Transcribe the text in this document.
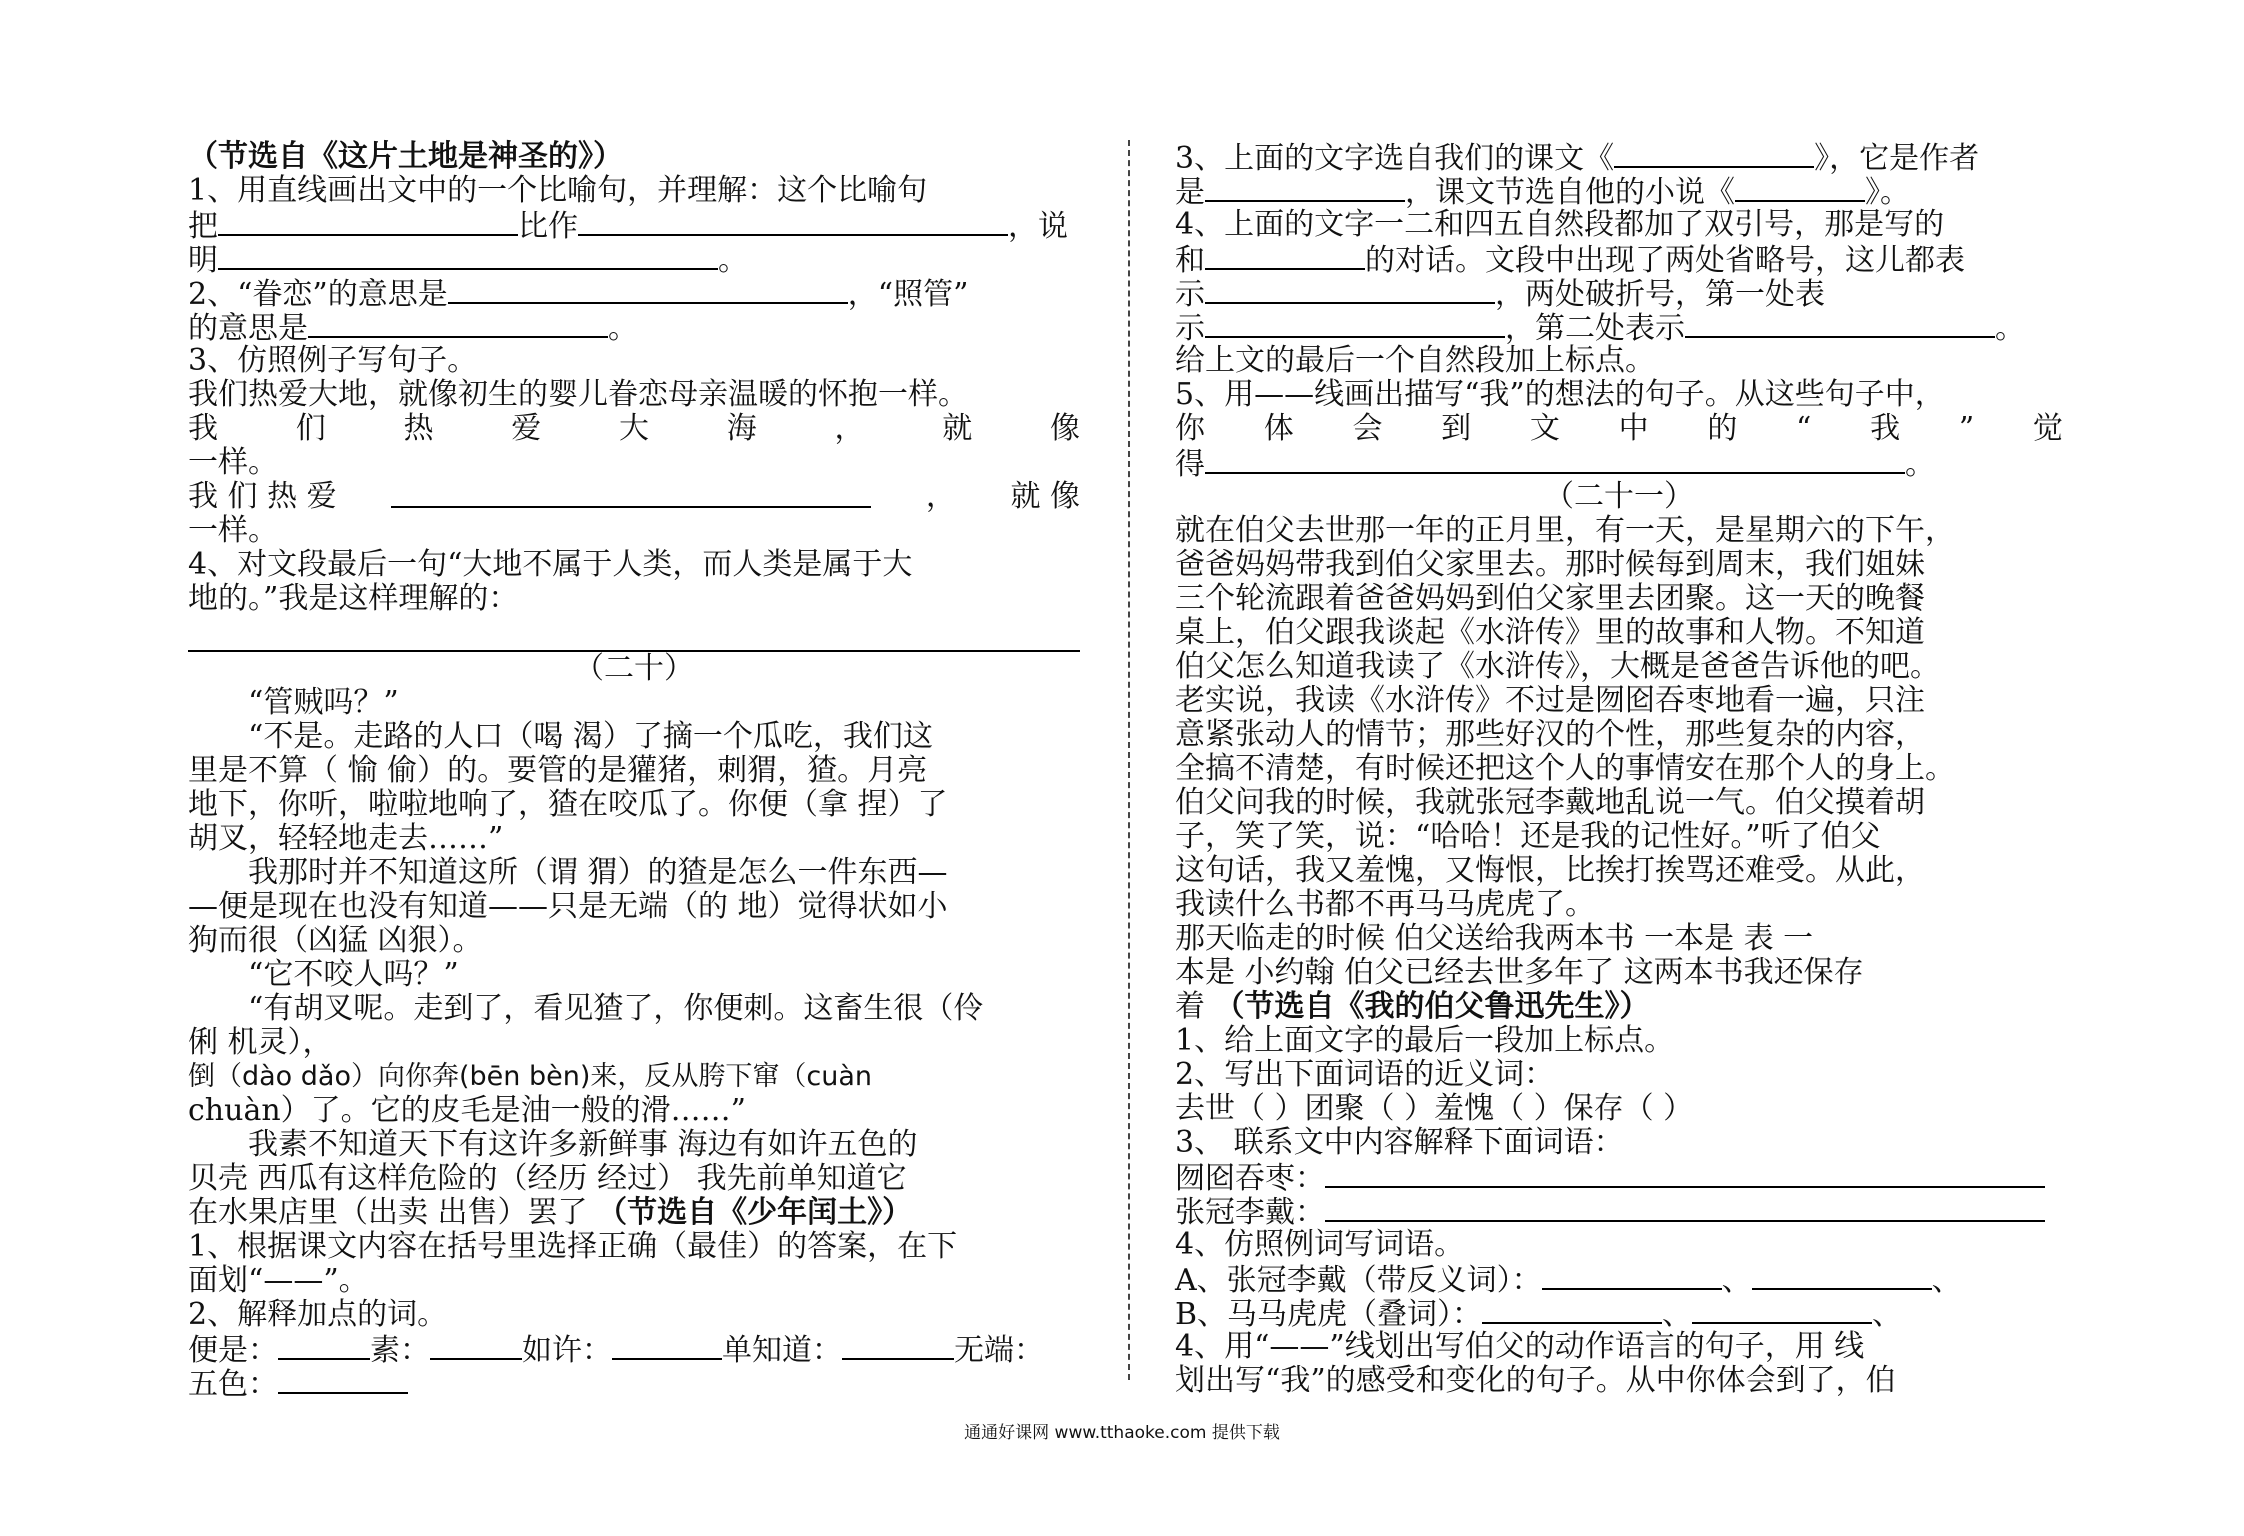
（节选自《这片土地是神圣的》）
1、用直线画出文中的一个比喻句，并理解：这个比喻句
把	比作	，说
明	。
2、“眷恋”的意思是	，“照管”
的意思是	。
3、仿照例子写句子。
我们热爱大地，就像初生的婴儿眷恋母亲温暖的怀抱一样。
我	们	热	爱	大	海	，	就	像
一样。
我 们 热 爱	， 就 像
一样。
4、对文段最后一句“大地不属于人类，而人类是属于大
地的。”我是这样理解的：
（二十）
“管贼吗？”
“不是。走路的人口（喝 渴）了摘一个瓜吃，我们这
里是不算（ 愉 偷）的。要管的是獾猪，刺猬，猹。月亮
地下，你听，啦啦地响了，猹在咬瓜了。你便（拿 捏）了
胡叉，轻轻地走去……”
我那时并不知道这所（谓 猬）的猹是怎么一件东西—
—便是现在也没有知道——只是无端（的 地）觉得状如小
狗而很（凶猛 凶狠）。
“它不咬人吗？”
“有胡叉呢。走到了，看见猹了，你便刺。这畜生很（伶
俐 机灵），
倒（dào dǎo）向你奔(bēn bèn)来，反从胯下窜（cuàn
chuàn）了。它的皮毛是油一般的滑……”
我素不知道天下有这许多新鲜事 海边有如许五色的
贝壳 西瓜有这样危险的（经历 经过） 我先前单知道它
在水果店里（出卖 出售）罢了 （节选自《少年闰土》）
1、根据课文内容在括号里选择正确（最佳）的答案，在下
面划“——”。
2、解释加点的词。
便是：	素：	如许：	单知道：	无端：
五色：
3、上面的文字选自我们的课文《	》，它是作者
是	，课文节选自他的小说《	》。
4、上面的文字一二和四五自然段都加了双引号，那是写的
和	的对话。文段中出现了两处省略号，这儿都表
示	，两处破折号，第一处表
示	，第二处表示	。
给上文的最后一个自然段加上标点。
5、用——线画出描写“我”的想法的句子。从这些句子中，
你 体 会 到 文 中 的 “ 我 ” 觉
得	。
（二十一）
就在伯父去世那一年的正月里，有一天，是星期六的下午，
爸爸妈妈带我到伯父家里去。那时候每到周末，我们姐妹
三个轮流跟着爸爸妈妈到伯父家里去团聚。这一天的晚餐
桌上，伯父跟我谈起《水浒传》里的故事和人物。不知道
伯父怎么知道我读了《水浒传》，大概是爸爸告诉他的吧。
老实说，我读《水浒传》不过是囫囵吞枣地看一遍，只注
意紧张动人的情节；那些好汉的个性，那些复杂的内容，
全搞不清楚，有时候还把这个人的事情安在那个人的身上。
伯父问我的时候，我就张冠李戴地乱说一气。伯父摸着胡
子，笑了笑，说：“哈哈！还是我的记性好。”听了伯父
这句话，我又羞愧，又悔恨，比挨打挨骂还难受。从此，
我读什么书都不再马马虎虎了。
那天临走的时候 伯父送给我两本书 一本是 表 一
本是 小约翰 伯父已经去世多年了 这两本书我还保存
着 （节选自《我的伯父鲁迅先生》）
1、给上面文字的最后一段加上标点。
2、写出下面词语的近义词：
去世（ ）团聚（ ）羞愧（ ）保存（ ）
3、 联系文中内容解释下面词语：
囫囵吞枣：
张冠李戴：
4、仿照例词写词语。
A、张冠李戴（带反义词）：	、	、
B、马马虎虎（叠词）：	、	、
4、用“——”线划出写伯父的动作语言的句子，用 线
划出写“我”的感受和变化的句子。从中你体会到了，伯
通通好课网 www.tthaoke.com 提供下载
